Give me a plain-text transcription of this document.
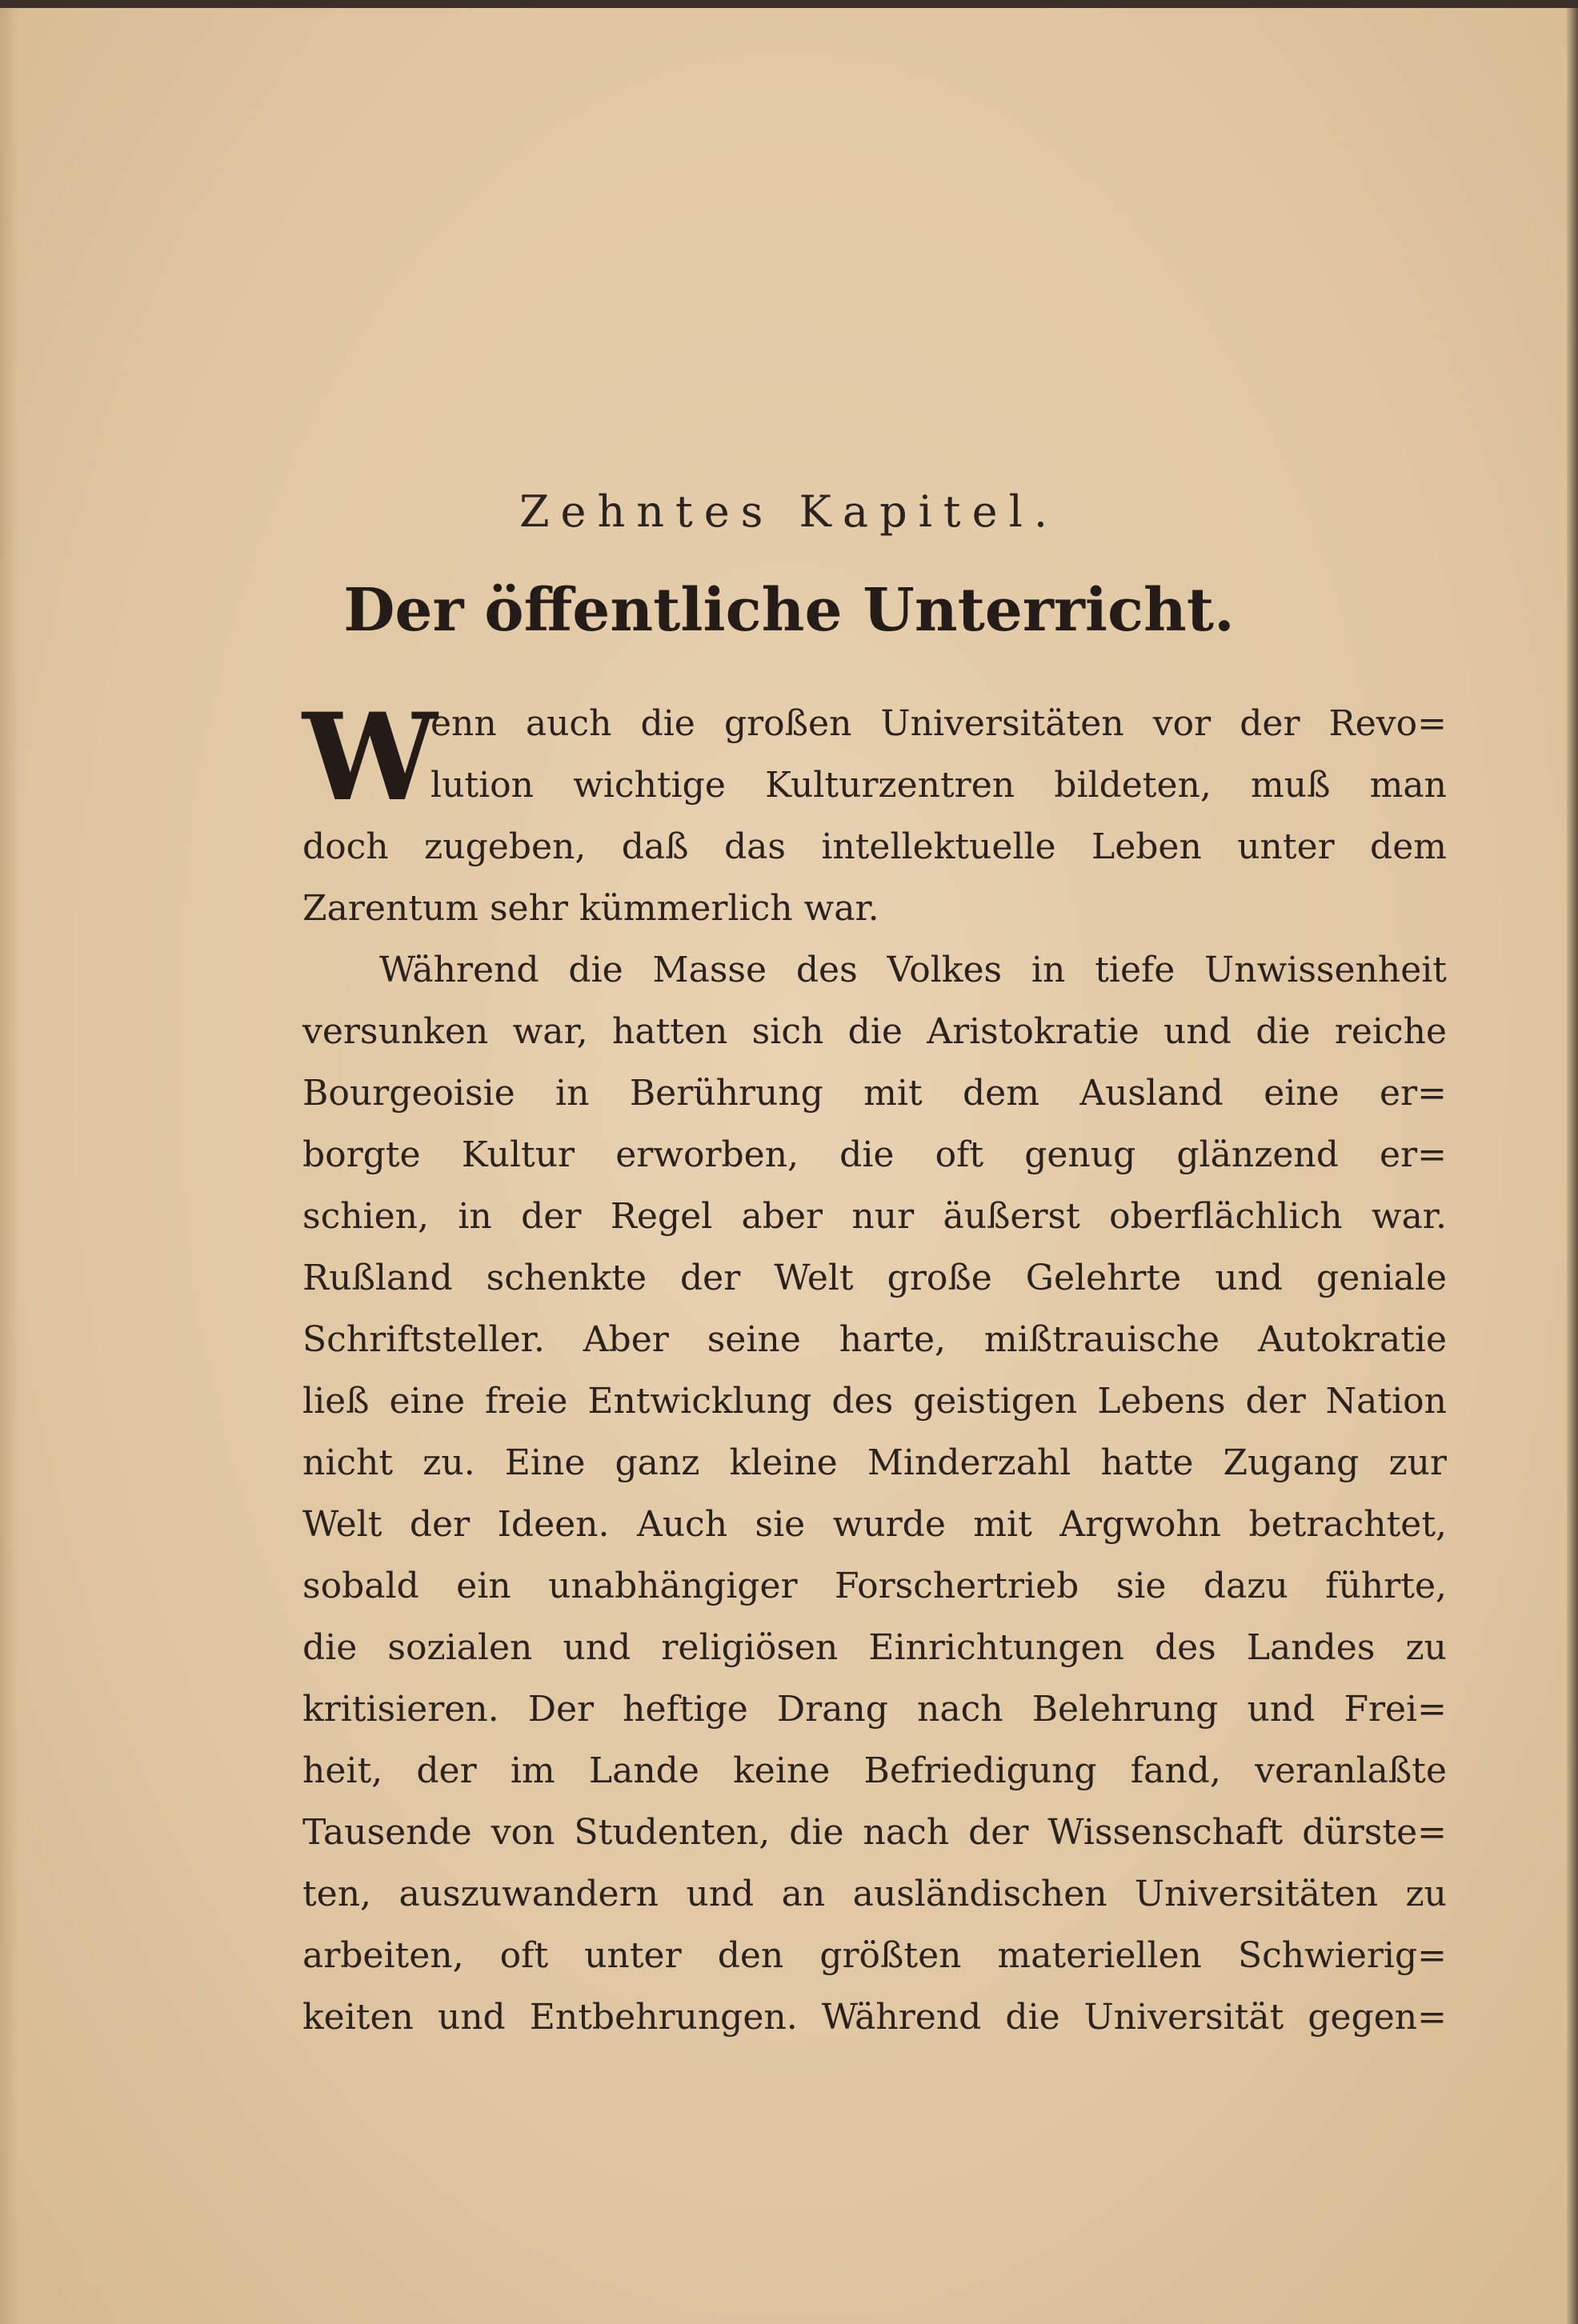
Zehntes Kapitel.
Der öffentliche Unterricht.
W
enn auch die großen Universitäten vor der Revo=
lution wichtige Kulturzentren bildeten, muß man
doch zugeben, daß das intellektuelle Leben unter dem
Zarentum sehr kümmerlich war.
Während die Masse des Volkes in tiefe Unwissenheit
versunken war, hatten sich die Aristokratie und die reiche
Bourgeoisie in Berührung mit dem Ausland eine er=
borgte Kultur erworben, die oft genug glänzend er=
schien, in der Regel aber nur äußerst oberflächlich war.
Rußland schenkte der Welt große Gelehrte und geniale
Schriftsteller. Aber seine harte, mißtrauische Autokratie
ließ eine freie Entwicklung des geistigen Lebens der Nation
nicht zu. Eine ganz kleine Minderzahl hatte Zugang zur
Welt der Ideen. Auch sie wurde mit Argwohn betrachtet,
sobald ein unabhängiger Forschertrieb sie dazu führte,
die sozialen und religiösen Einrichtungen des Landes zu
kritisieren. Der heftige Drang nach Belehrung und Frei=
heit, der im Lande keine Befriedigung fand, veranlaßte
Tausende von Studenten, die nach der Wissenschaft dürste=
ten, auszuwandern und an ausländischen Universitäten zu
arbeiten, oft unter den größten materiellen Schwierig=
keiten und Entbehrungen. Während die Universität gegen=
